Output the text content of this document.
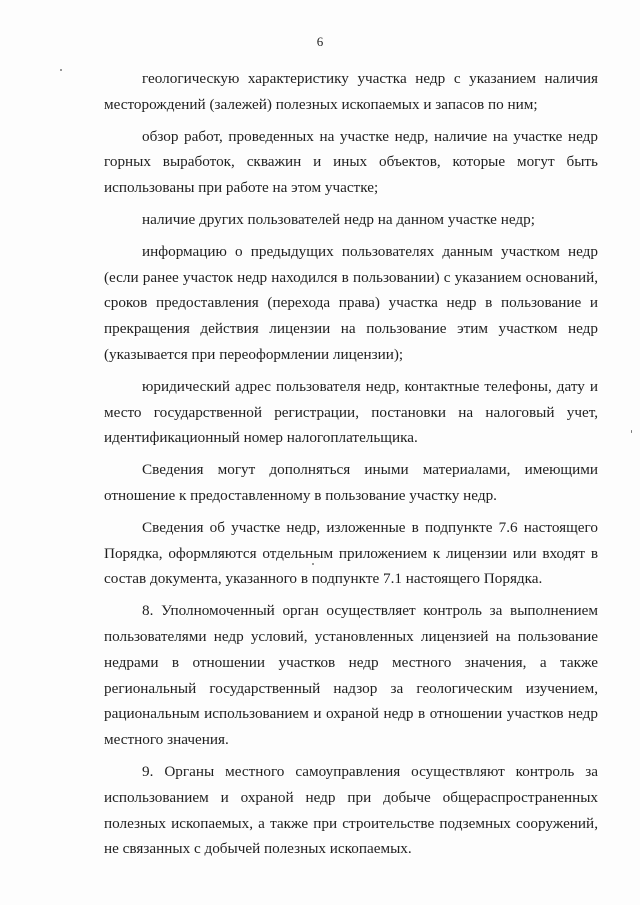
6

геологическую характеристику участка недр с указанием наличия месторождений (залежей) полезных ископаемых и запасов по ним;

обзор работ, проведенных на участке недр, наличие на участке недр горных выработок, скважин и иных объектов, которые могут быть использованы при работе на этом участке;

наличие других пользователей недр на данном участке недр;

информацию о предыдущих пользователях данным участком недр (если ранее участок недр находился в пользовании) с указанием оснований, сроков предоставления (перехода права) участка недр в пользование и прекращения действия лицензии на пользование этим участком недр (указывается при переоформлении лицензии);

юридический адрес пользователя недр, контактные телефоны, дату и место государственной регистрации, постановки на налоговый учет, идентификационный номер налогоплательщика.

Сведения могут дополняться иными материалами, имеющими отношение к предоставленному в пользование участку недр.

Сведения об участке недр, изложенные в подпункте 7.6 настоящего Порядка, оформляются отдельным приложением к лицензии или входят в состав документа, указанного в подпункте 7.1 настоящего Порядка.

8. Уполномоченный орган осуществляет контроль за выполнением пользователями недр условий, установленных лицензией на пользование недрами в отношении участков недр местного значения, а также региональный государственный надзор за геологическим изучением, рациональным использованием и охраной недр в отношении участков недр местного значения.

9. Органы местного самоуправления осуществляют контроль за использованием и охраной недр при добыче общераспространенных полезных ископаемых, а также при строительстве подземных сооружений, не связанных с добычей полезных ископаемых.
